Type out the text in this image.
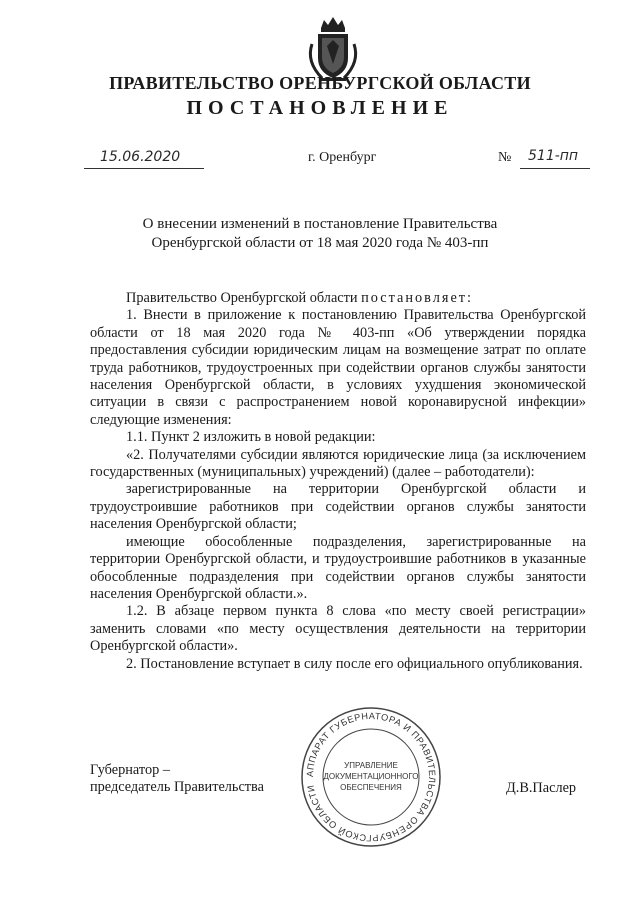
ПРАВИТЕЛЬСТВО ОРЕНБУРГСКОЙ ОБЛАСТИ
ПОСТАНОВЛЕНИЕ
15.06.2020	г. Оренбург	№ 511-пп
О внесении изменений в постановление Правительства
Оренбургской области от 18 мая 2020 года № 403-пп

Правительство Оренбургской области постановляет:

1. Внести в приложение к постановлению Правительства Оренбургской области от 18 мая 2020 года № 403-пп «Об утверждении порядка предоставления субсидии юридическим лицам на возмещение затрат по оплате труда работников, трудоустроенных при содействии органов службы занятости населения Оренбургской области, в условиях ухудшения экономической ситуации в связи с распространением новой коронавирусной инфекции» следующие изменения:

1.1. Пункт 2 изложить в новой редакции:

«2. Получателями субсидии являются юридические лица (за исключением государственных (муниципальных) учреждений) (далее – работодатели):

зарегистрированные на территории Оренбургской области и трудоустроившие работников при содействии органов службы занятости населения Оренбургской области;

имеющие обособленные подразделения, зарегистрированные на территории Оренбургской области, и трудоустроившие работников в указанные обособленные подразделения при содействии органов службы занятости населения Оренбургской области.».

1.2. В абзаце первом пункта 8 слова «по месту своей регистрации» заменить словами «по месту осуществления деятельности на территории Оренбургской области».

2. Постановление вступает в силу после его официального опубликования.

Губернатор –
председатель Правительства	Д.В.Паслер
АППАРАТ ГУБЕРНАТОРА И ПРАВИТЕЛЬСТВА ОРЕНБУРГСКОЙ ОБЛАСТИ
УПРАВЛЕНИЕ
ДОКУМЕНТАЦИОННОГО
ОБЕСПЕЧЕНИЯ
